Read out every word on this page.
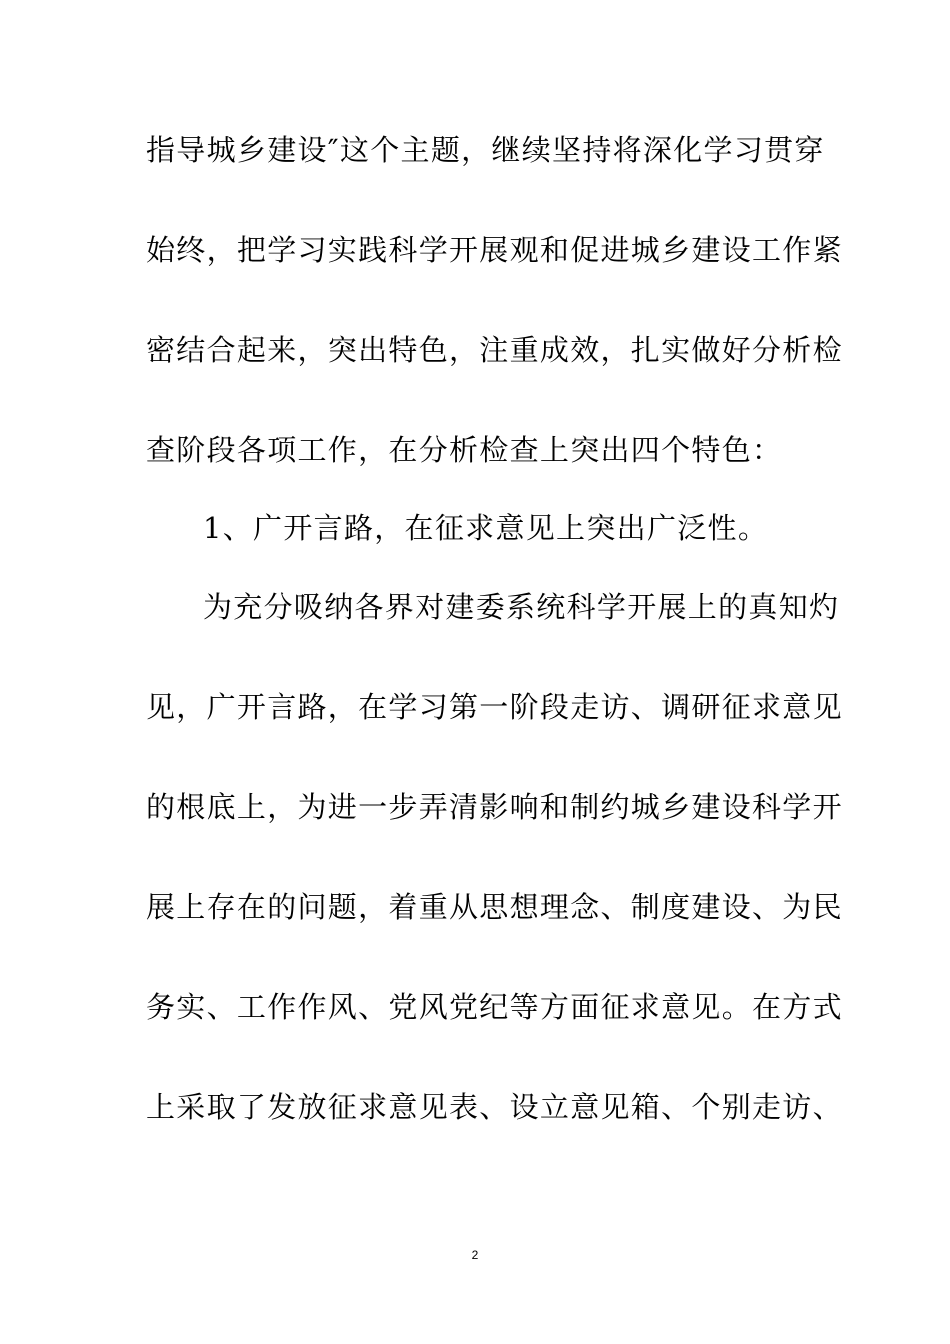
指导城乡建设″这个主题，继续坚持将深化学习贯穿

始终，把学习实践科学开展观和促进城乡建设工作紧

密结合起来，突出特色，注重成效，扎实做好分析检

查阶段各项工作，在分析检查上突出四个特色：

1、广开言路，在征求意见上突出广泛性。

为充分吸纳各界对建委系统科学开展上的真知灼

见，广开言路，在学习第一阶段走访、调研征求意见

的根底上，为进一步弄清影响和制约城乡建设科学开

展上存在的问题，着重从思想理念、制度建设、为民

务实、工作作风、党风党纪等方面征求意见。在方式

上采取了发放征求意见表、设立意见箱、个别走访、

2
